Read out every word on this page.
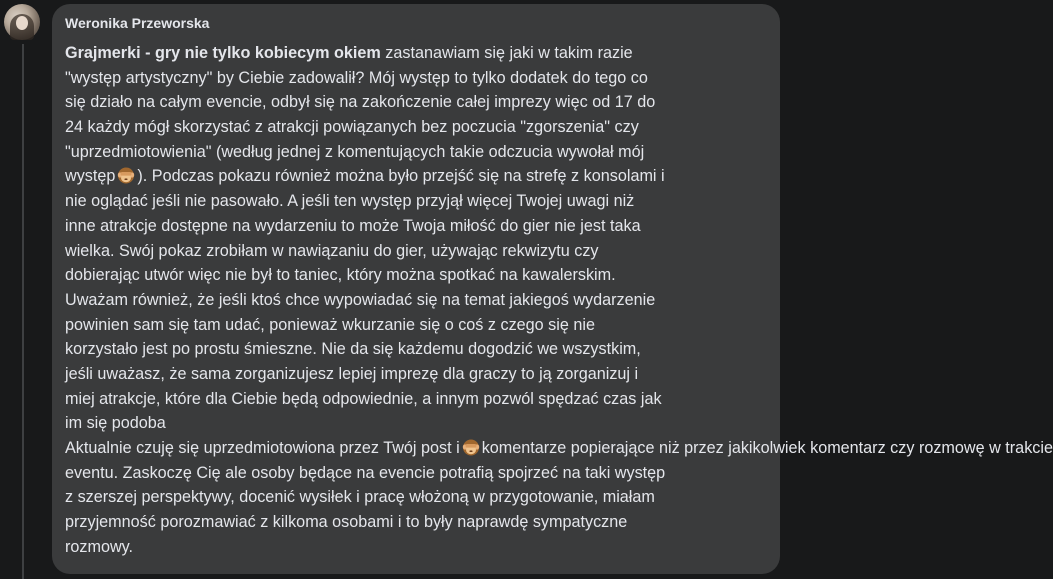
Weronika Przeworska
Grajmerki - gry nie tylko kobiecym okiem zastanawiam się jaki w takim razie
"występ artystyczny" by Ciebie zadowalił? Mój występ to tylko dodatek do tego co
się działo na całym evencie, odbył się na zakończenie całej imprezy więc od 17 do
24 każdy mógł skorzystać z atrakcji powiązanych bez poczucia "zgorszenia" czy
"uprzedmiotowienia" (według jednej z komentujących takie odczucia wywołał mój
występ ). Podczas pokazu również można było przejść się na strefę z konsolami i
nie oglądać jeśli nie pasowało. A jeśli ten występ przyjął więcej Twojej uwagi niż
inne atrakcje dostępne na wydarzeniu to może Twoja miłość do gier nie jest taka
wielka. Swój pokaz zrobiłam w nawiązaniu do gier, używając rekwizytu czy
dobierając utwór więc nie był to taniec, który można spotkać na kawalerskim.
Uważam również, że jeśli ktoś chce wypowiadać się na temat jakiegoś wydarzenie
powinien sam się tam udać, ponieważ wkurzanie się o coś z czego się nie
korzystało jest po prostu śmieszne. Nie da się każdemu dogodzić we wszystkim,
jeśli uważasz, że sama zorganizujesz lepiej imprezę dla graczy to ją zorganizuj i
miej atrakcje, które dla Ciebie będą odpowiednie, a innym pozwól spędzać czas jak
im się podoba
Aktualnie czuję się uprzedmiotowiona przez Twój post i komentarze popierające niż przez jakikolwiek komentarz czy rozmowę w trakcie
eventu. Zaskoczę Cię ale osoby będące na evencie potrafią spojrzeć na taki występ
z szerszej perspektywy, docenić wysiłek i pracę włożoną w przygotowanie, miałam
przyjemność porozmawiać z kilkoma osobami i to były naprawdę sympatyczne
rozmowy.
